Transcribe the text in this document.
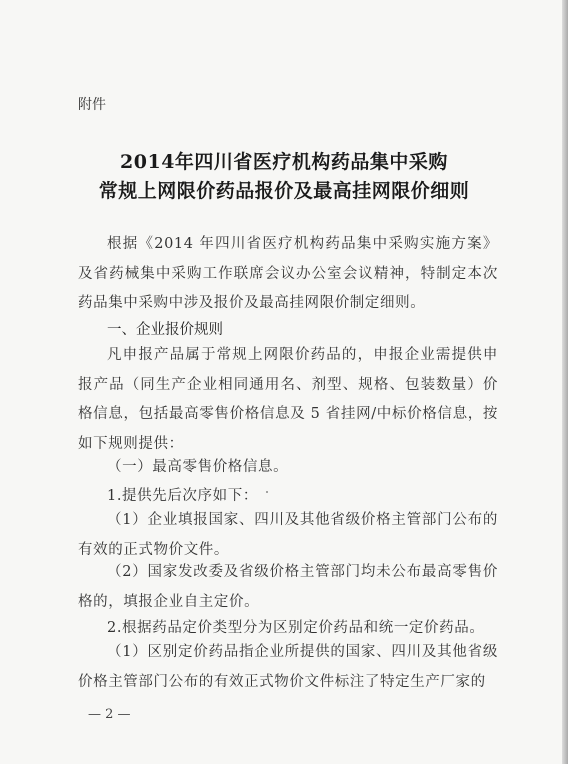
附件
2014年四川省医疗机构药品集中采购
常规上网限价药品报价及最高挂网限价细则
根据《2014 年四川省医疗机构药品集中采购实施方案》及省药械集中采购工作联席会议办公室会议精神，特制定本次药品集中采购中涉及报价及最高挂网限价制定细则。
一、企业报价规则
凡申报产品属于常规上网限价药品的，申报企业需提供申报产品（同生产企业相同通用名、剂型、规格、包装数量）价格信息，包括最高零售价格信息及 5 省挂网/中标价格信息，按如下规则提供：
（一）最高零售价格信息。
1.提供先后次序如下：
（1）企业填报国家、四川及其他省级价格主管部门公布的有效的正式物价文件。
（2）国家发改委及省级价格主管部门均未公布最高零售价格的，填报企业自主定价。
2.根据药品定价类型分为区别定价药品和统一定价药品。
（1）区别定价药品指企业所提供的国家、四川及其他省级价格主管部门公布的有效正式物价文件标注了特定生产厂家的
— 2 —
